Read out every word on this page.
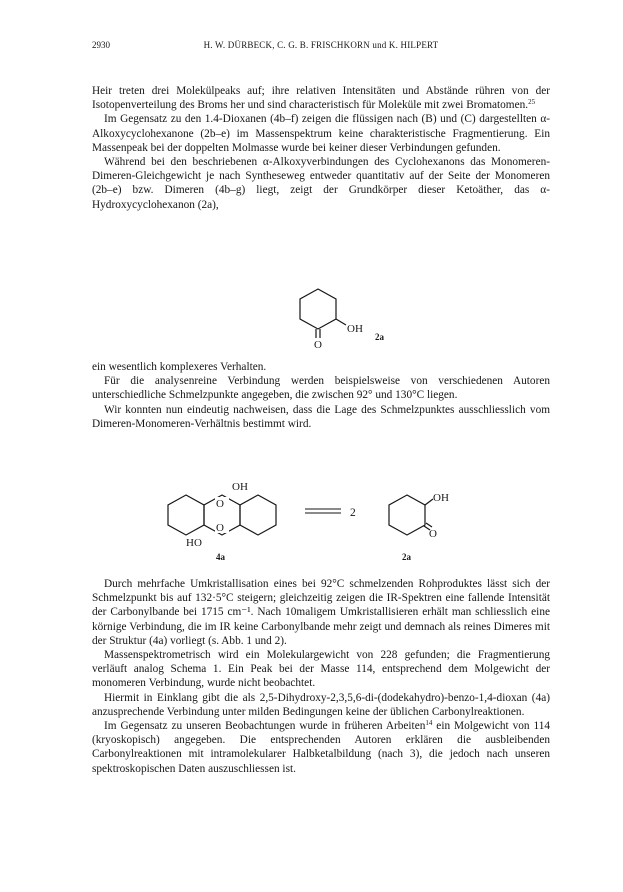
2930	H. W. DÜRBECK, C. G. B. FRISCHKORN und K. HILPERT

Heir treten drei Molekülpeaks auf; ihre relativen Intensitäten und Abstände rühren von der Isotopenverteilung des Broms her und sind characteristisch für Moleküle mit zwei Bromatomen.$^{25}$

Im Gegensatz zu den 1.4-Dioxanen (4b–f) zeigen die flüssigen nach (B) und (C) dargestellten α-Alkoxycyclohexanone (2b–e) im Massenspektrum keine charakteristische Fragmentierung. Ein Massenpeak bei der doppelten Molmasse wurde bei keiner dieser Verbindungen gefunden.

Während bei den beschriebenen α-Alkoxyverbindungen des Cyclohexanons das Monomeren-Dimeren-Gleichgewicht je nach Syntheseweg entweder quantitativ auf der Seite der Monomeren (2b–e) bzw. Dimeren (4b–g) liegt, zeigt der Grundkörper dieser Ketoäther, das α-Hydroxycyclohexanon (2a),

OH
O
2a

ein wesentlich komplexeres Verhalten.

Für die analysenreine Verbindung werden beispielsweise von verschiedenen Autoren unterschiedliche Schmelzpunkte angegeben, die zwischen 92° und 130°C liegen.

Wir konnten nun eindeutig nachweisen, dass die Lage des Schmelzpunktes ausschliesslich vom Dimeren-Monomeren-Verhältnis bestimmt wird.

O
O
OH
HO
4a
2
OH
O
2a

Durch mehrfache Umkristallisation eines bei 92°C schmelzenden Rohproduktes lässt sich der Schmelzpunkt bis auf 132·5°C steigern; gleichzeitig zeigen die IR-Spektren eine fallende Intensität der Carbonylbande bei 1715 cm⁻¹. Nach 10maligem Umkristallisieren erhält man schliesslich eine körnige Verbindung, die im IR keine Carbonylbande mehr zeigt und demnach als reines Dimeres mit der Struktur (4a) vorliegt (s. Abb. 1 und 2).

Massenspektrometrisch wird ein Molekulargewicht von 228 gefunden; die Fragmentierung verläuft analog Schema 1. Ein Peak bei der Masse 114, entsprechend dem Molgewicht der monomeren Verbindung, wurde nicht beobachtet.

Hiermit in Einklang gibt die als 2,5-Dihydroxy-2,3,5,6-di-(dodekahydro)-benzo-1,4-dioxan (4a) anzusprechende Verbindung unter milden Bedingungen keine der üblichen Carbonylreaktionen.

Im Gegensatz zu unseren Beobachtungen wurde in früheren Arbeiten$^{14}$ ein Molgewicht von 114 (kryoskopisch) angegeben. Die entsprechenden Autoren erklären die ausbleibenden Carbonylreaktionen mit intramolekularer Halbketalbildung (nach 3), die jedoch nach unseren spektroskopischen Daten auszuschliessen ist.
